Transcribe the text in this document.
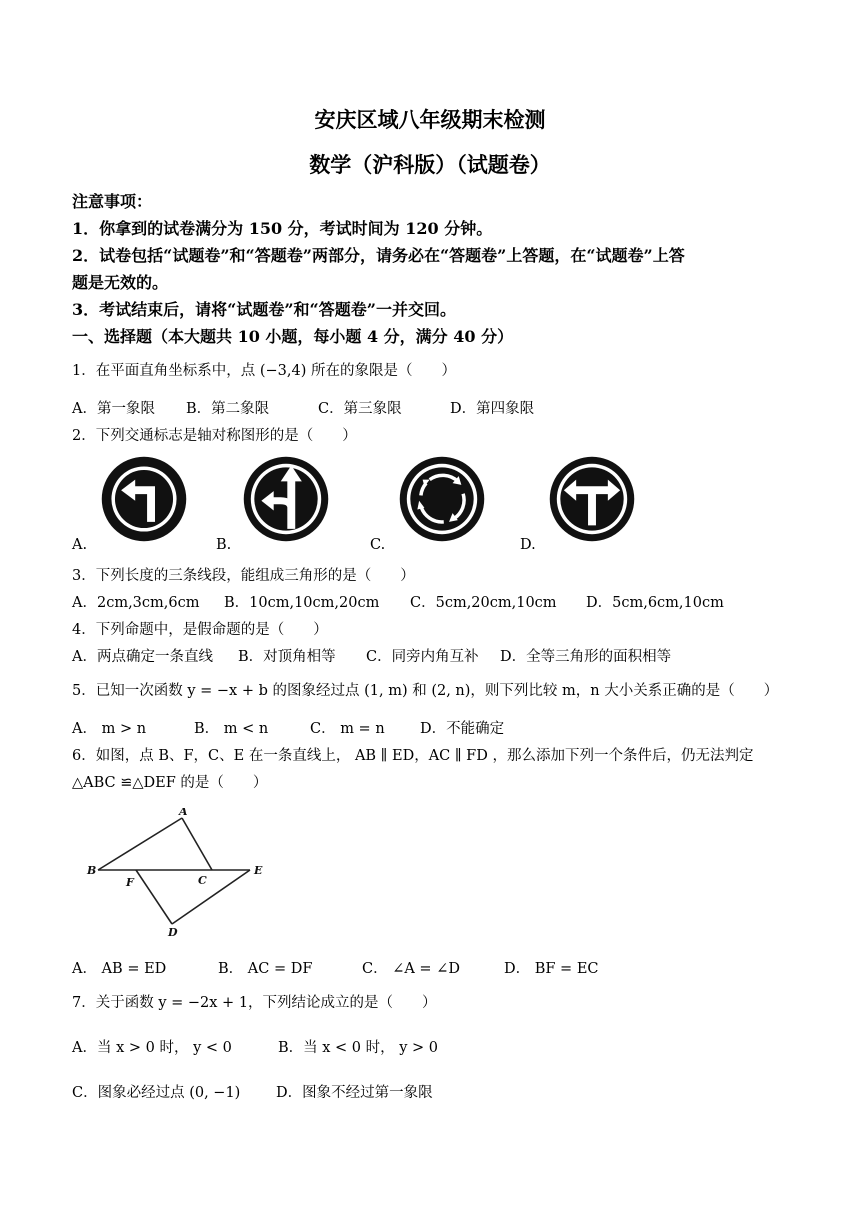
安庆区域八年级期末检测
数学（沪科版）（试题卷）
注意事项：
1．你拿到的试卷满分为 150 分，考试时间为 120 分钟。
2．试卷包括“试题卷”和“答题卷”两部分，请务必在“答题卷”上答题，在“试题卷”上答
题是无效的。
3．考试结束后，请将“试题卷”和“答题卷”一并交回。
一、选择题（本大题共 10 小题，每小题 4 分，满分 40 分）
1．在平面直角坐标系中，点 (−3,4) 所在的象限是（　　）
A．第一象限 B．第二象限	C．第三象限	D．第四象限
2．下列交通标志是轴对称图形的是（　　）
A.	B.	C.	D.
3．下列长度的三条线段，能组成三角形的是（　　）
A．2cm,3cm,6cm B．10cm,10cm,20cm C．5cm,20cm,10cm D．5cm,6cm,10cm
4．下列命题中，是假命题的是（　　）
A．两点确定一条直线 B．对顶角相等 C．同旁内角互补 D．全等三角形的面积相等
5．已知一次函数 y = −x + b 的图象经过点 (1, m) 和 (2, n)，则下列比较 m，n 大小关系正确的是（　　）
A． m > n	B． m < n	C． m = n D．不能确定
6．如图，点 B、F，C、E 在一条直线上， AB ∥ ED，AC ∥ FD ，那么添加下列一个条件后，仍无法判定
△ABC ≌△DEF 的是（　　）
A
B
C
D
E
F
A． AB = ED	B． AC = DF	C． ∠A = ∠D	D． BF = EC
7．关于函数 y = −2x + 1，下列结论成立的是（　　）
A．当 x > 0 时， y < 0	B．当 x < 0 时， y > 0
C．图象必经过点 (0, −1) D．图象不经过第一象限
